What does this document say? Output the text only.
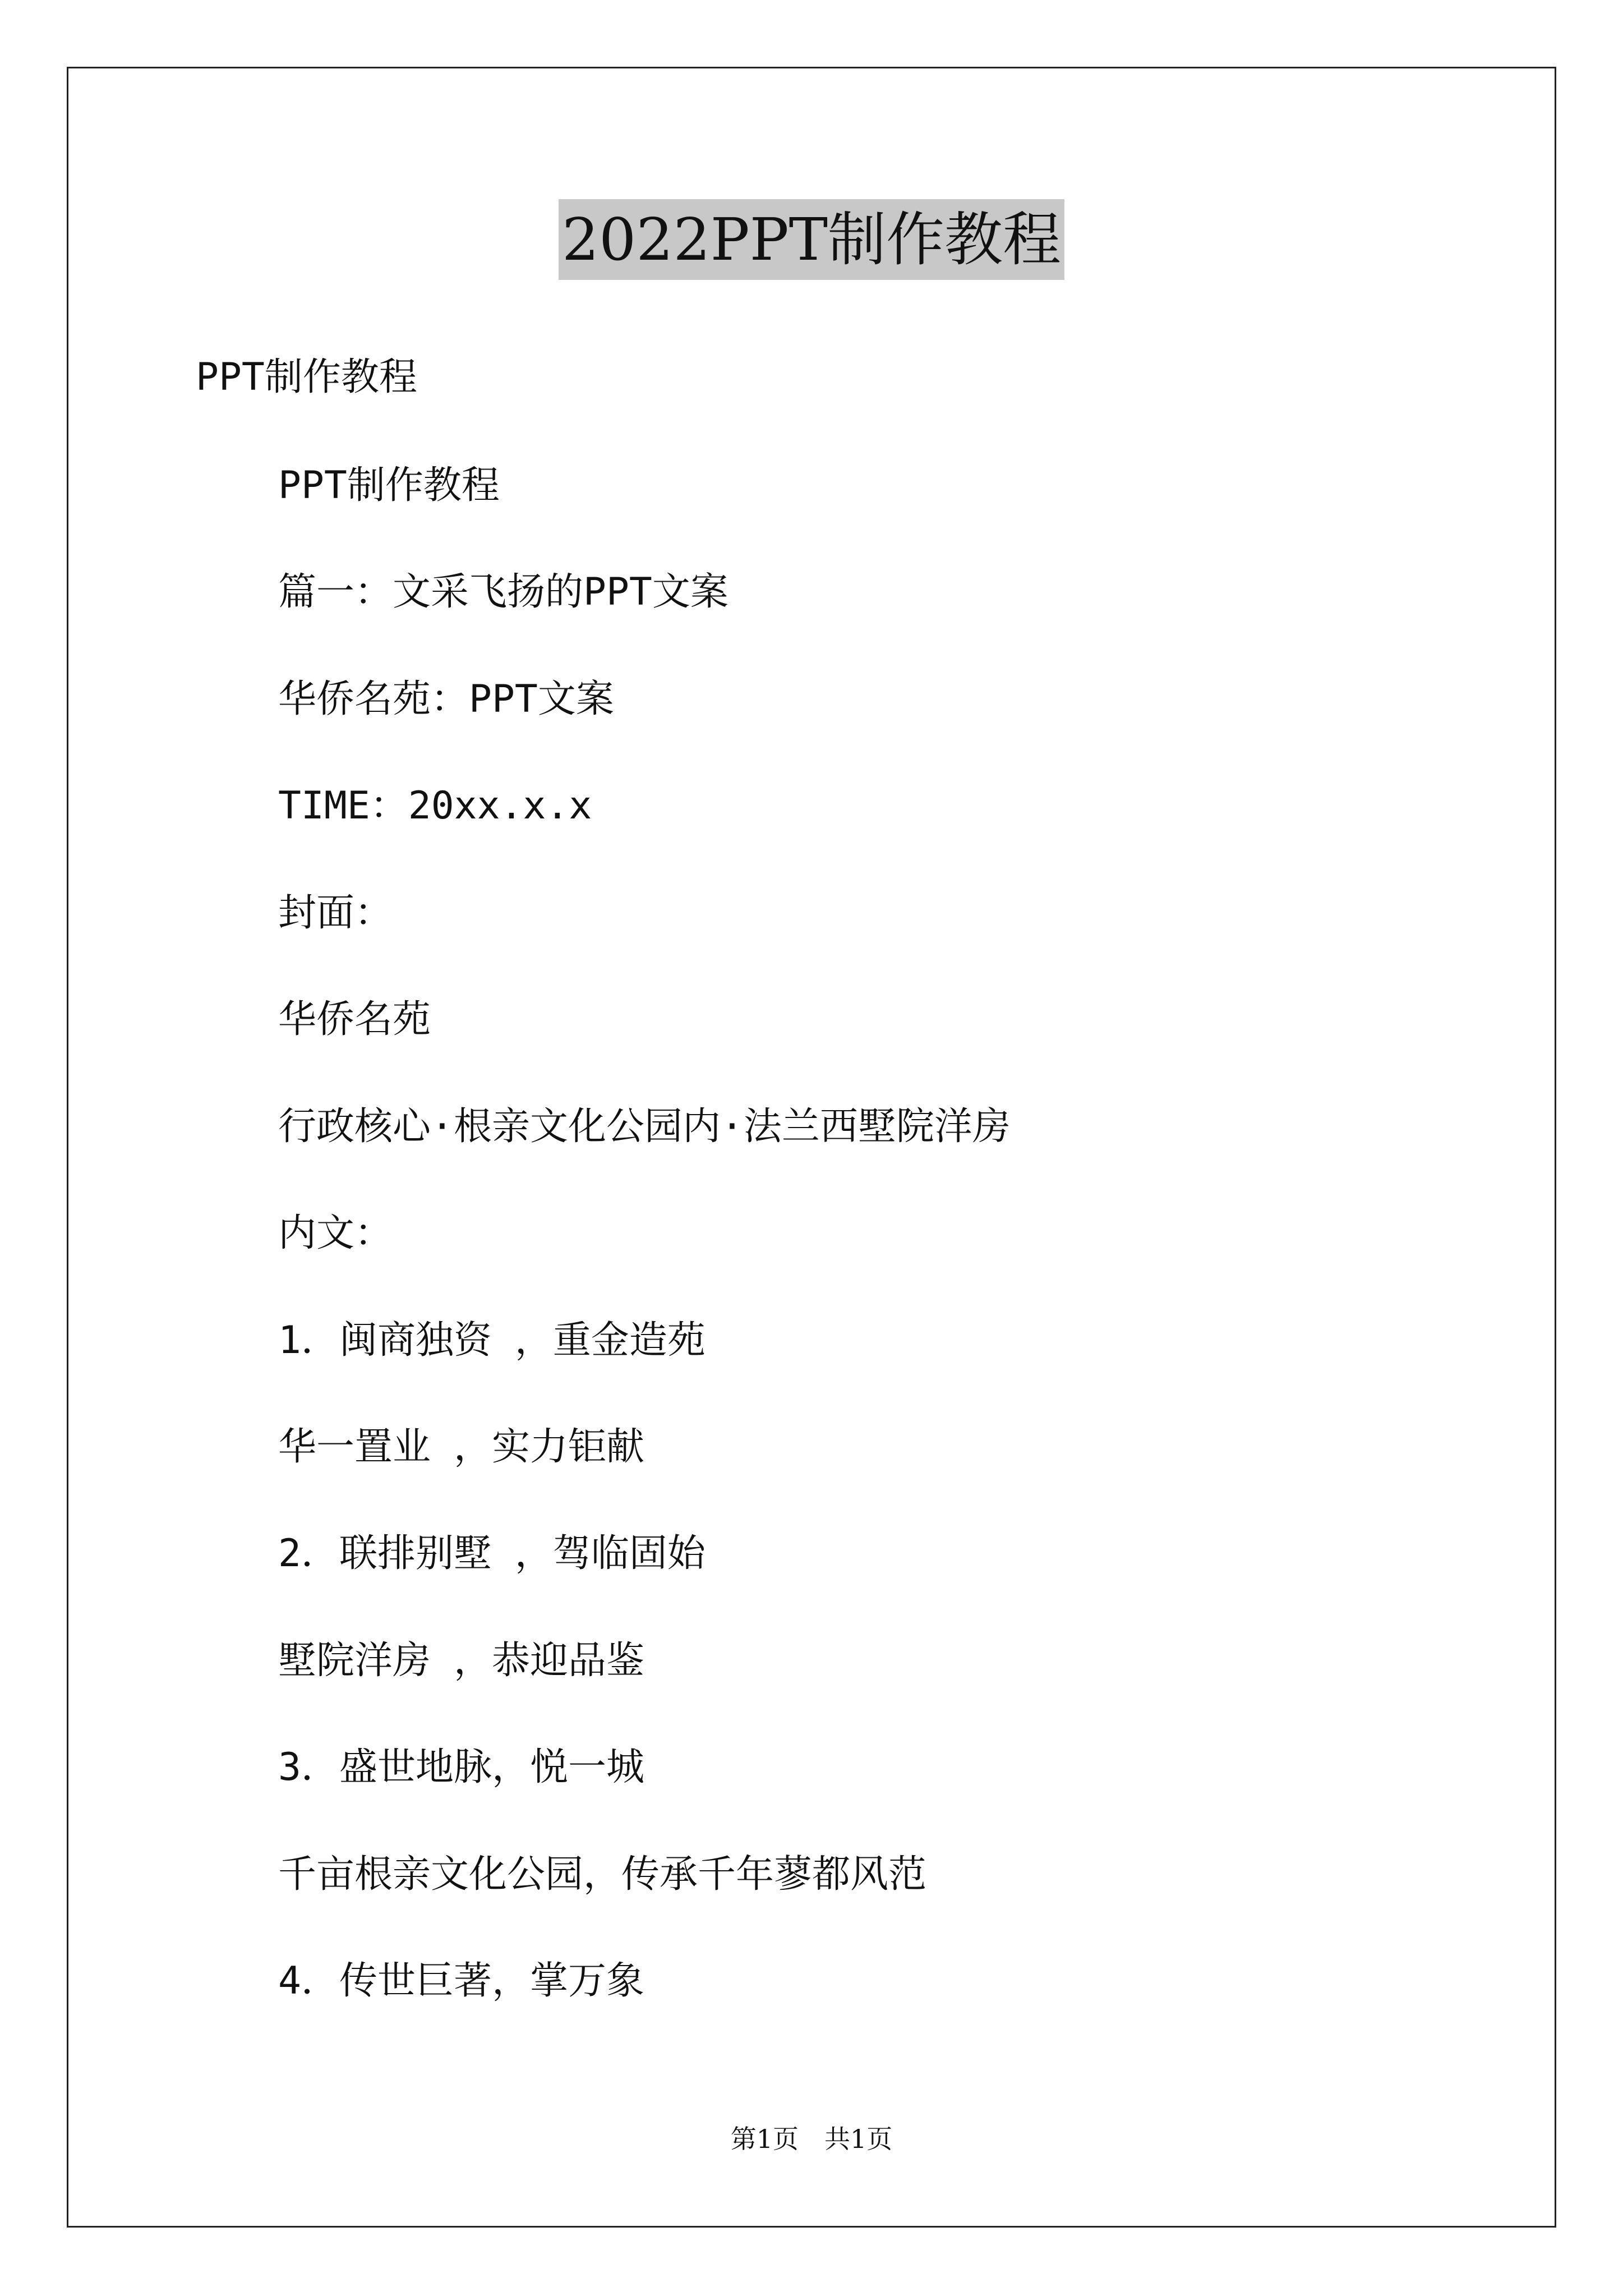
2022PPT制作教程
PPT制作教程
PPT制作教程
篇一：文采飞扬的PPT文案
华侨名苑：PPT文案
TIME：20xx.x.x
封面：
华侨名苑
行政核心·根亲文化公园内·法兰西墅院洋房
内文：
1．闽商独资 ，重金造苑
华一置业 ，实力钜献
2．联排别墅 ，驾临固始
墅院洋房 ，恭迎品鉴
3．盛世地脉，悦一城
千亩根亲文化公园，传承千年蓼都风范
4．传世巨著，掌万象
第1页　共1页
